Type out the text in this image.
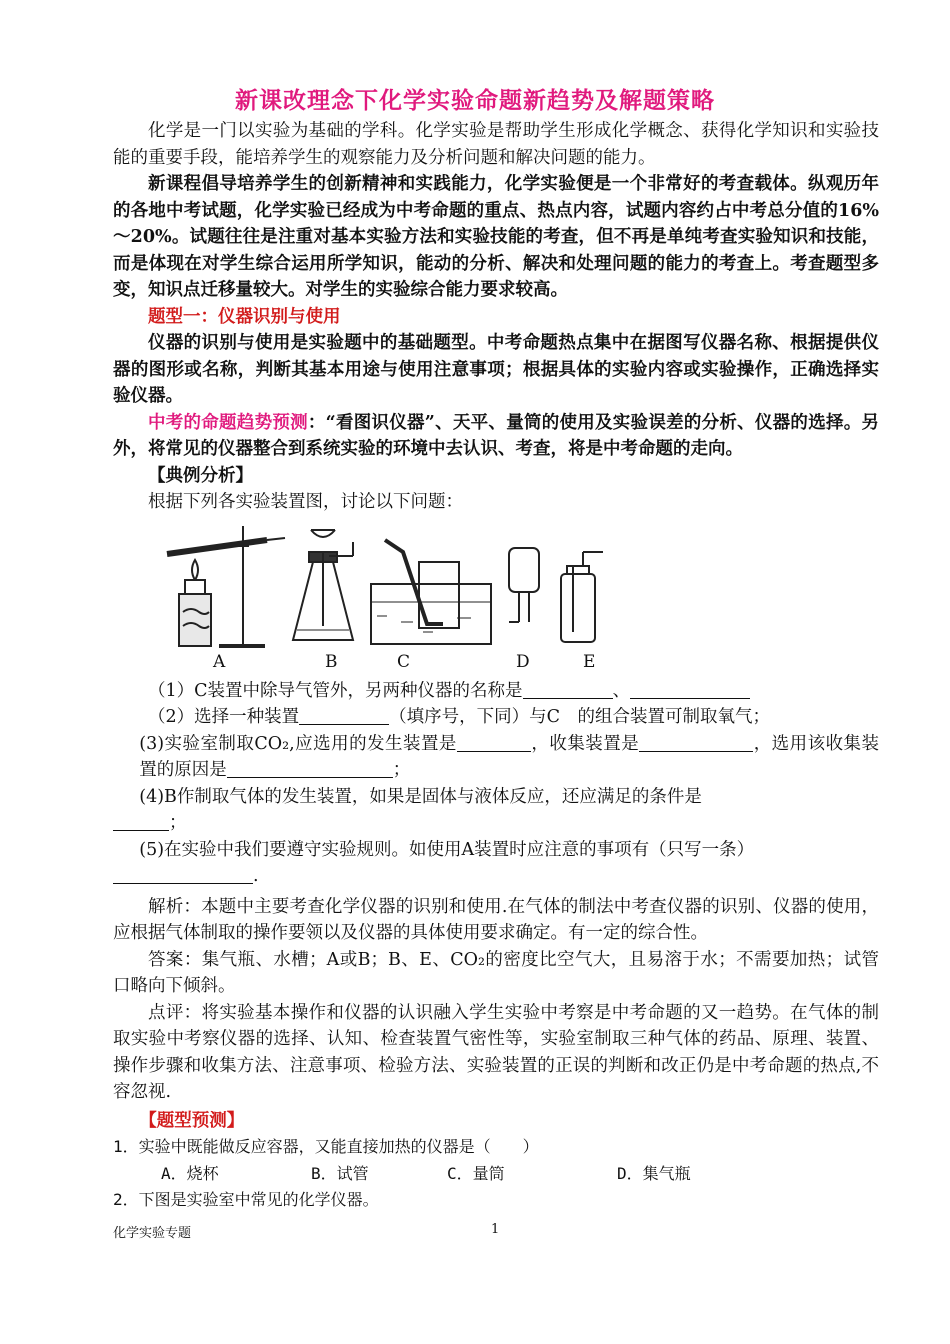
新课改理念下化学实验命题新趋势及解题策略

化学是一门以实验为基础的学科。化学实验是帮助学生形成化学概念、获得化学知识和实验技能的重要手段，能培养学生的观察能力及分析问题和解决问题的能力。

新课程倡导培养学生的创新精神和实践能力，化学实验便是一个非常好的考查载体。纵观历年的各地中考试题，化学实验已经成为中考命题的重点、热点内容，试题内容约占中考总分值的16%～20%。试题往往是注重对基本实验方法和实验技能的考查，但不再是单纯考查实验知识和技能，而是体现在对学生综合运用所学知识，能动的分析、解决和处理问题的能力的考查上。考查题型多变，知识点迁移量较大。对学生的实验综合能力要求较高。

题型一：仪器识别与使用

仪器的识别与使用是实验题中的基础题型。中考命题热点集中在据图写仪器名称、根据提供仪器的图形或名称，判断其基本用途与使用注意事项；根据具体的实验内容或实验操作，正确选择实验仪器。

中考的命题趋势预测：“看图识仪器”、天平、量筒的使用及实验误差的分析、仪器的选择。另外，将常见的仪器整合到系统实验的环境中去认识、考查，将是中考命题的走向。

【典例分析】

根据下列各实验装置图，讨论以下问题：

A	B	C	D	E

（1）C装置中除导气管外，另两种仪器的名称是	、

（2）选择一种装置	（填序号，下同）与C　的组合装置可制取氧气；

(3)实验室制取CO₂,应选用的发生装置是	，收集装置是	，选用该收集装置的原因是	；

(4)B作制取气体的发生装置，如果是固体与液体反应，还应满足的条件是

；

(5)在实验中我们要遵守实验规则。如使用A装置时应注意的事项有（只写一条）

.

解析：本题中主要考查化学仪器的识别和使用.在气体的制法中考查仪器的识别、仪器的使用，应根据气体制取的操作要领以及仪器的具体使用要求确定。有一定的综合性。

答案：集气瓶、水槽；A或B；B、E、CO₂的密度比空气大，且易溶于水；不需要加热；试管口略向下倾斜。

点评：将实验基本操作和仪器的认识融入学生实验中考察是中考命题的又一趋势。在气体的制取实验中考察仪器的选择、认知、检查装置气密性等，实验室制取三种气体的药品、原理、装置、操作步骤和收集方法、注意事项、检验方法、实验装置的正误的判断和改正仍是中考命题的热点,不容忽视.

【题型预测】

1．实验中既能做反应容器，又能直接加热的仪器是（　　）

A．烧杯	B．试管	C．量筒	D．集气瓶

2．下图是实验室中常见的化学仪器。

化学实验专题	1
